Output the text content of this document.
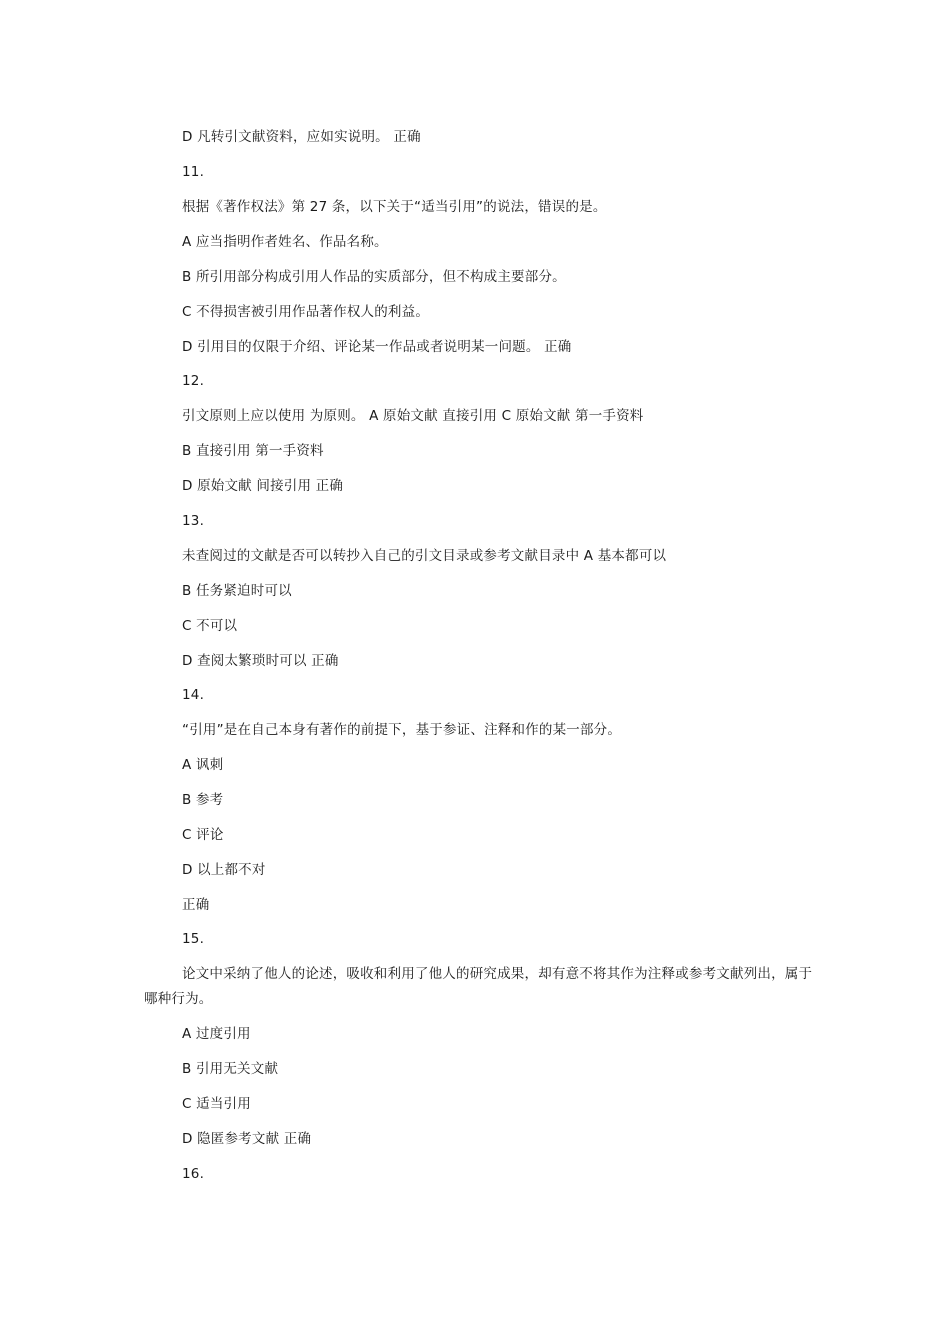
D 凡转引文献资料，应如实说明。 正确
11.
根据《著作权法》第 27 条，以下关于“适当引用”的说法，错误的是。
A 应当指明作者姓名、作品名称。
B 所引用部分构成引用人作品的实质部分，但不构成主要部分。
C 不得损害被引用作品著作权人的利益。
D 引用目的仅限于介绍、评论某一作品或者说明某一问题。 正确
12.
引文原则上应以使用 为原则。 A 原始文献 直接引用 C 原始文献 第一手资料
B 直接引用 第一手资料
D 原始文献 间接引用 正确
13.
未查阅过的文献是否可以转抄入自己的引文目录或参考文献目录中 A 基本都可以
B 任务紧迫时可以
C 不可以
D 查阅太繁琐时可以 正确
14.
“引用”是在自己本身有著作的前提下，基于参证、注释和作的某一部分。
A 讽刺
B 参考
C 评论
D 以上都不对
正确
15.
论文中采纳了他人的论述，吸收和利用了他人的研究成果，却有意不将其作为注释或参考文献列出，属于哪种行为。
A 过度引用
B 引用无关文献
C 适当引用
D 隐匿参考文献 正确
16.
